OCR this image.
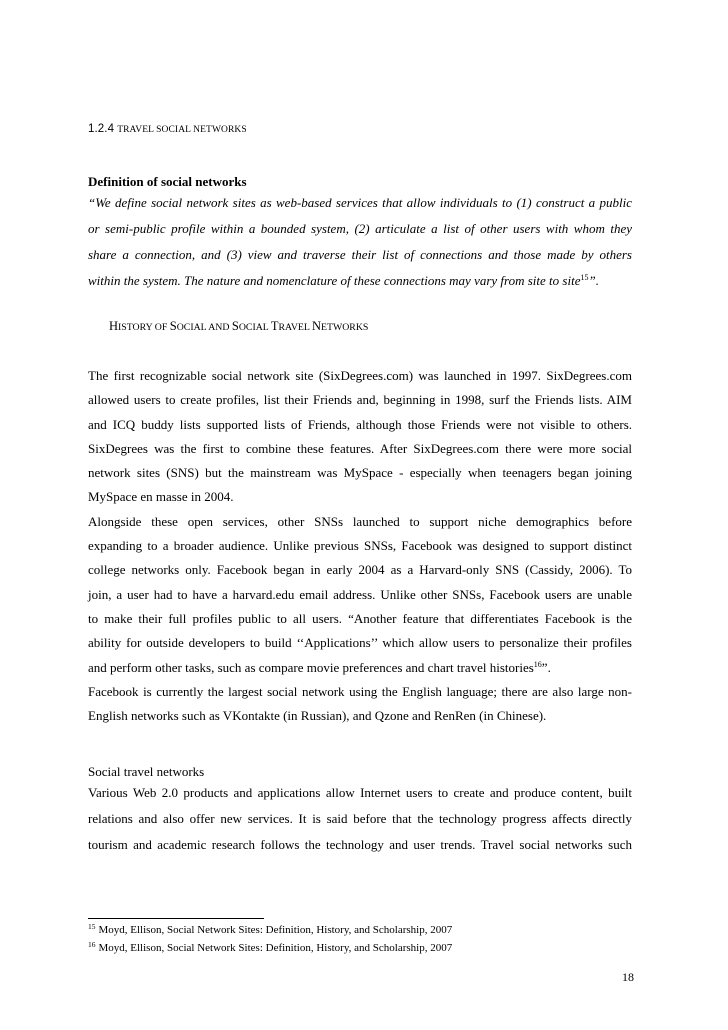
1.2.4 TRAVEL SOCIAL NETWORKS
Definition of social networks

“We define social network sites as web-based services that allow individuals to (1) construct a public

or semi-public profile within a bounded system, (2) articulate a list of other users with whom they

share a connection, and (3) view and traverse their list of connections and those made by others

within the system. The nature and nomenclature of these connections may vary from site to site$^{15}$”.

HISTORY OF SOCIAL AND SOCIAL TRAVEL NETWORKS

The first recognizable social network site (SixDegrees.com) was launched in 1997. SixDegrees.com

allowed users to create profiles, list their Friends and, beginning in 1998, surf the Friends lists. AIM

and ICQ buddy lists supported lists of Friends, although those Friends were not visible to others.

SixDegrees was the first to combine these features. After SixDegrees.com there were more social

network sites (SNS) but the mainstream was MySpace - especially when teenagers began joining

MySpace en masse in 2004.

Alongside these open services, other SNSs launched to support niche demographics before

expanding to a broader audience. Unlike previous SNSs, Facebook was designed to support distinct

college networks only. Facebook began in early 2004 as a Harvard-only SNS (Cassidy, 2006). To

join, a user had to have a harvard.edu email address. Unlike other SNSs, Facebook users are unable

to make their full profiles public to all users. “Another feature that differentiates Facebook is the

ability for outside developers to build ‘‘Applications’’ which allow users to personalize their profiles

and perform other tasks, such as compare movie preferences and chart travel histories$^{16}$”.

Facebook is currently the largest social network using the English language; there are also large non-

English networks such as VKontakte (in Russian), and Qzone and RenRen (in Chinese).

Social travel networks

Various Web 2.0 products and applications allow Internet users to create and produce content, built

relations and also offer new services. It is said before that the technology progress affects directly

tourism and academic research follows the technology and user trends. Travel social networks such

$^{15}$ Moyd, Ellison, Social Network Sites: Definition, History, and Scholarship, 2007

$^{16}$ Moyd, Ellison, Social Network Sites: Definition, History, and Scholarship, 2007

18
